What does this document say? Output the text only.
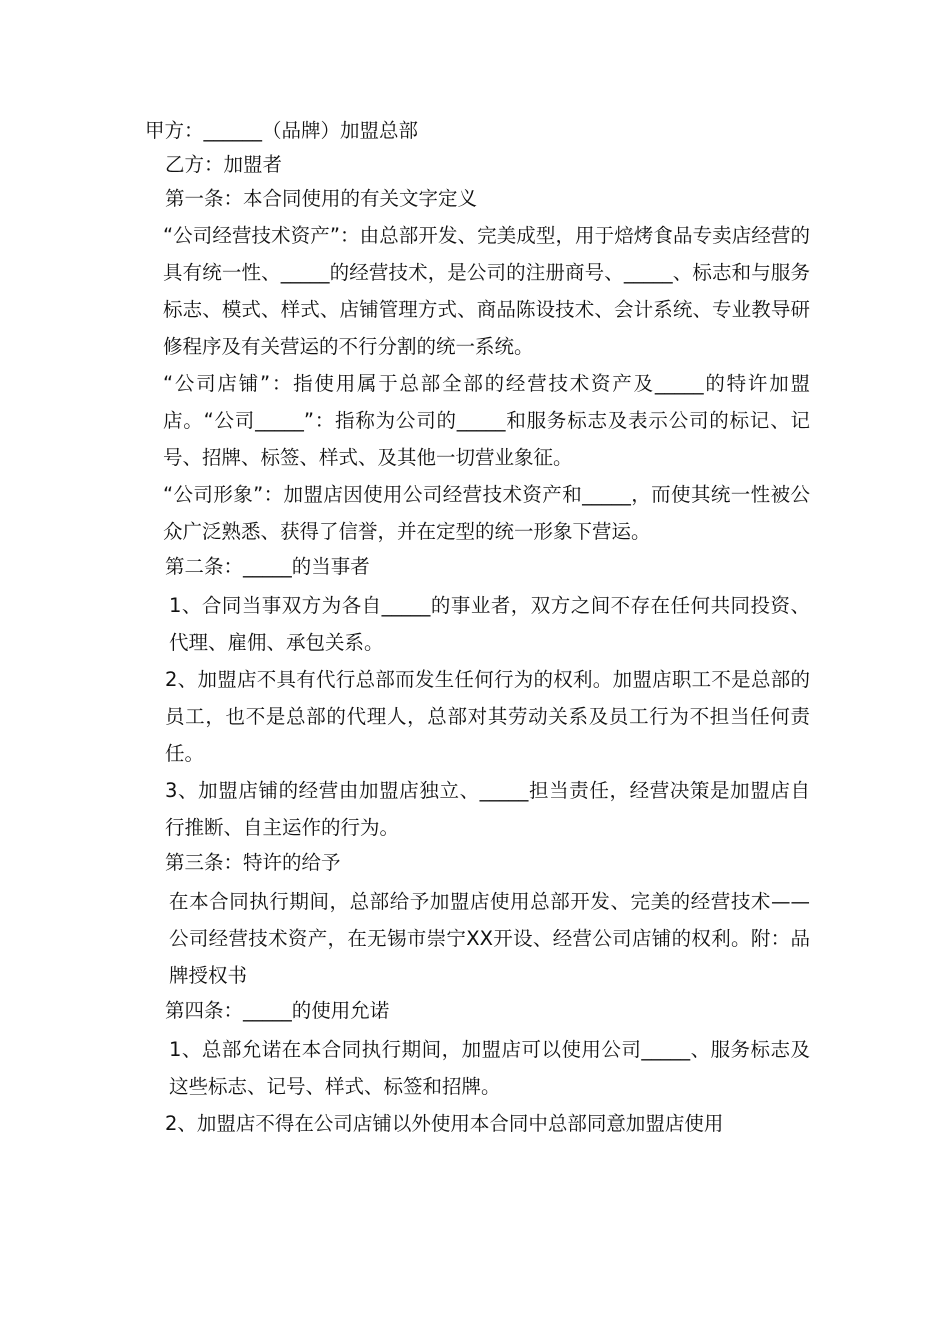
甲方：______（品牌）加盟总部
乙方：加盟者
第一条：本合同使用的有关文字定义

“公司经营技术资产”：由总部开发、完美成型，用于焙烤食品专卖店经营的具有统一性、_____的经营技术，是公司的注册商号、_____、标志和与服务标志、模式、样式、店铺管理方式、商品陈设技术、会计系统、专业教导研修程序及有关营运的不行分割的统一系统。

“公司店铺”：指使用属于总部全部的经营技术资产及_____的特许加盟店。“公司_____”：指称为公司的_____和服务标志及表示公司的标记、记号、招牌、标签、样式、及其他一切营业象征。

“公司形象”：加盟店因使用公司经营技术资产和_____，而使其统一性被公众广泛熟悉、获得了信誉，并在定型的统一形象下营运。

第二条：_____的当事者

1、合同当事双方为各自_____的事业者，双方之间不存在任何共同投资、代理、雇佣、承包关系。

2、加盟店不具有代行总部而发生任何行为的权利。加盟店职工不是总部的员工，也不是总部的代理人，总部对其劳动关系及员工行为不担当任何责任。

3、加盟店铺的经营由加盟店独立、_____担当责任，经营决策是加盟店自行推断、自主运作的行为。

第三条：特许的给予

在本合同执行期间，总部给予加盟店使用总部开发、完美的经营技术——公司经营技术资产，在无锡市崇宁XX开设、经营公司店铺的权利。附：品牌授权书

第四条：_____的使用允诺

1、总部允诺在本合同执行期间，加盟店可以使用公司_____、服务标志及这些标志、记号、样式、标签和招牌。

2、加盟店不得在公司店铺以外使用本合同中总部同意加盟店使用
